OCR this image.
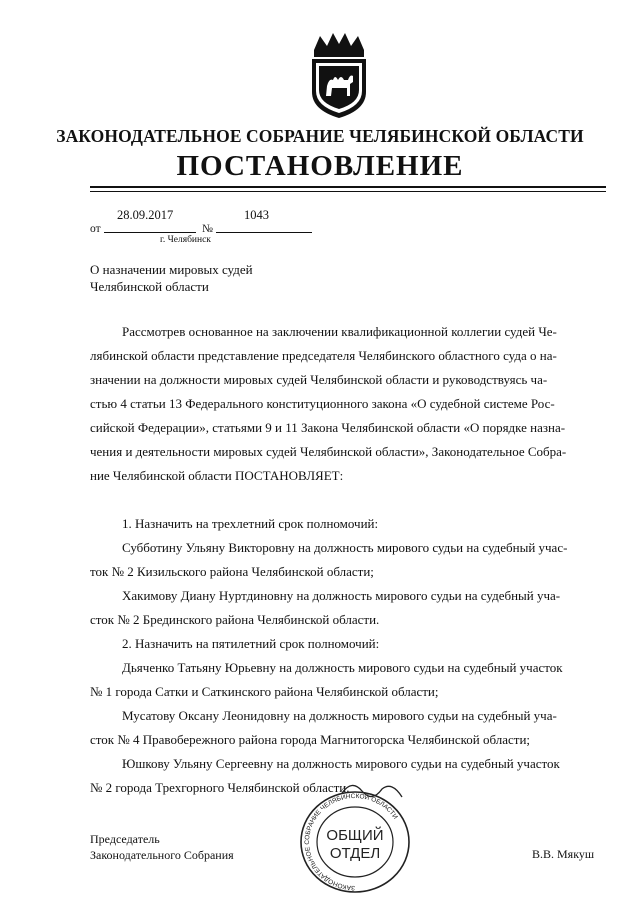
ЗАКОНОДАТЕЛЬНОЕ СОБРАНИЕ ЧЕЛЯБИНСКОЙ ОБЛАСТИ
ПОСТАНОВЛЕНИЕ
от
28.09.2017
№
1043
г. Челябинск
О назначении мировых судей
Челябинской области
Рассмотрев основанное на заключении квалификационной коллегии судей Че-
лябинской области представление председателя Челябинского областного суда о на-
значении на должности мировых судей Челябинской области и руководствуясь ча-
стью 4 статьи 13 Федерального конституционного закона «О судебной системе Рос-
сийской Федерации», статьями 9 и 11 Закона Челябинской области «О порядке назна-
чения и деятельности мировых судей Челябинской области», Законодательное Собра-
ние Челябинской области ПОСТАНОВЛЯЕТ:
1. Назначить на трехлетний срок полномочий:
Субботину Ульяну Викторовну на должность мирового судьи на судебный учас-
ток № 2 Кизильского района Челябинской области;
Хакимову Диану Нуртдиновну на должность мирового судьи на судебный уча-
сток № 2 Брединского района Челябинской области.
2. Назначить на пятилетний срок полномочий:
Дьяченко Татьяну Юрьевну на должность мирового судьи на судебный участок
№ 1 города Сатки и Саткинского района Челябинской области;
Мусатову Оксану Леонидовну на должность мирового судьи на судебный уча-
сток № 4 Правобережного района города Магнитогорска Челябинской области;
Юшкову Ульяну Сергеевну на должность мирового судьи на судебный участок
№ 2 города Трехгорного Челябинской области.
ЗАКОНОДАТЕЛЬНОЕ СОБРАНИЕ ЧЕЛЯБИНСКОЙ ОБЛАСТИ
ОБЩИЙ
ОТДЕЛ
Председатель
Законодательного Собрания	В.В. Мякуш
